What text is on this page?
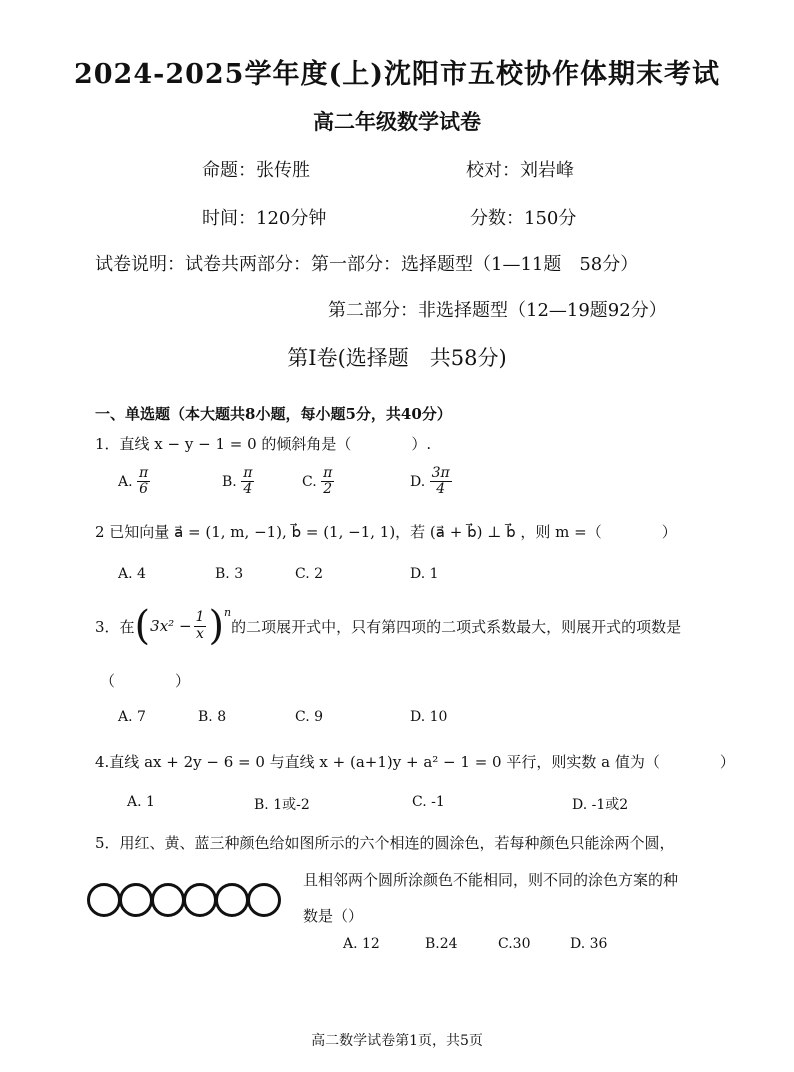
2024-2025学年度(上)沈阳市五校协作体期末考试
高二年级数学试卷
命题：张传胜	校对：刘岩峰
时间：120分钟	分数：150分
试卷说明：试卷共两部分：第一部分：选择题型（1—11题　58分）
第二部分：非选择题型（12—19题92分）
第Ⅰ卷(选择题　共58分)
一、单选题（本大题共8小题，每小题5分，共40分）
1．直线 x − y − 1 = 0 的倾斜角是（　　　　）.
A. $\frac{\pi}{6}$	B. $\frac{\pi}{4}$	C. $\frac{\pi}{2}$	D. $\frac{3\pi}{4}$
2 已知向量 a⃗ = (1, m, −1), b⃗ = (1, −1, 1)，若 (a⃗ + b⃗) ⊥ b⃗ ，则 m =（　　　　）
A. 4	B. 3	C. 2	D. 1
3．在 ( $3x^2 - \frac{1}{x} )^n$
的二项展开式中，只有第四项的二项式系数最大，则展开式的项数是
（　　　　）
A. 7	B. 8	C. 9	D. 10
4.直线 ax + 2y − 6 = 0 与直线 x + (a+1)y + a² − 1 = 0 平行，则实数 a 值为（　　　　）
A. 1	B. 1或-2	C. -1	D. -1或2
5．用红、黄、蓝三种颜色给如图所示的六个相连的圆涂色，若每种颜色只能涂两个圆，
且相邻两个圆所涂颜色不能相同，则不同的涂色方案的种
数是（）
A. 12	B.24	C.30	D. 36
高二数学试卷第1页，共5页
